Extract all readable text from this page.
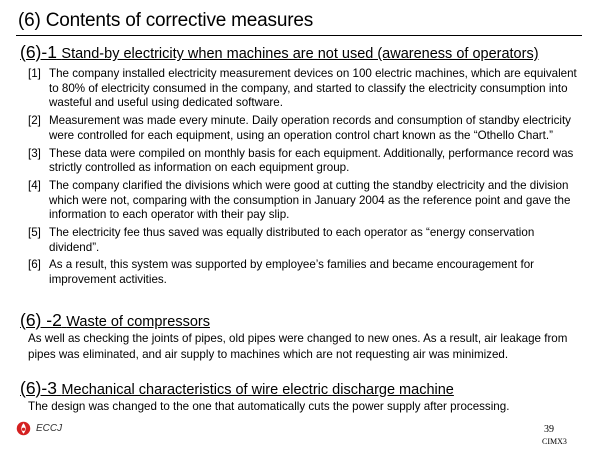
(6) Contents of corrective measures
(6)-1 Stand-by electricity when machines are not used (awareness of operators)
[1] The company installed electricity measurement devices on 100 electric machines, which are equivalent to 80% of electricity consumed in the company, and started to classify the electricity consumption into wasteful and useful using dedicated software.
[2] Measurement was made every minute. Daily operation records and consumption of standby electricity were controlled for each equipment, using an operation control chart known as the “Othello Chart.”
[3] These data were compiled on monthly basis for each equipment. Additionally, performance record was strictly controlled as information on each equipment group.
[4] The company clarified the divisions which were good at cutting the standby electricity and the division which were not, comparing with the consumption in January 2004 as the reference point and gave the information to each operator with their pay slip.
[5] The electricity fee thus saved was equally distributed to each operator as “energy conservation dividend”.
[6] As a result, this system was supported by employee’s families and became encouragement for improvement activities.
(6) -2 Waste of compressors
As well as checking the joints of pipes, old pipes were changed to new ones. As a result, air leakage from pipes was eliminated, and air supply to machines which are not requesting air was minimized.
(6)-3 Mechanical characteristics of wire electric discharge machine
The design was changed to the one that automatically cuts the power supply after processing.
ECCJ	39
CIMX3
